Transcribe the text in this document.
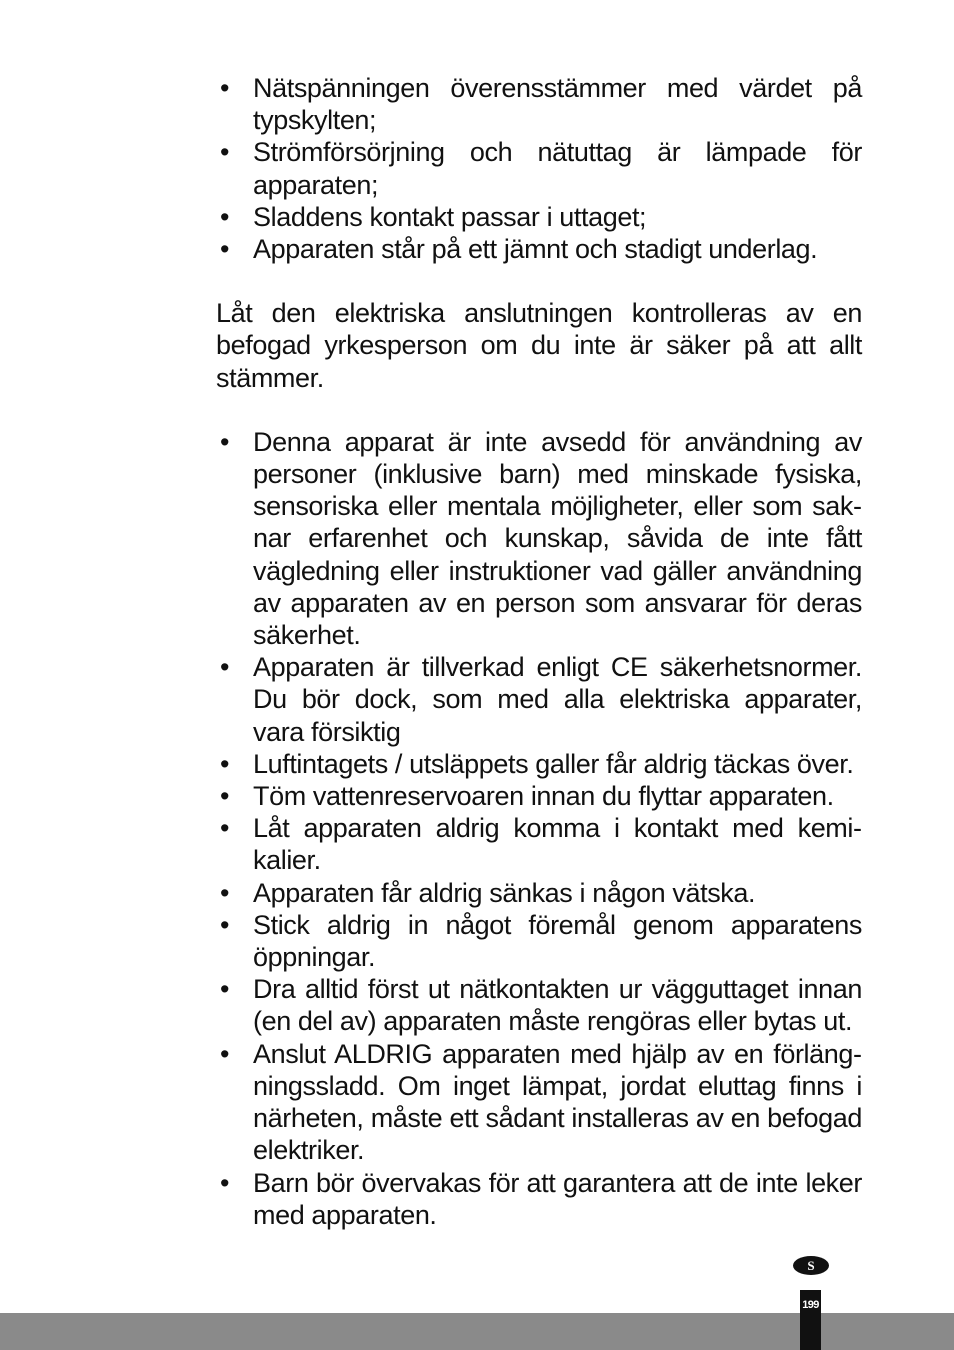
• Nätspänningen överensstämmer med värdet på typskylten;
• Strömförsörjning och nätuttag är lämpade för apparaten;
• Sladdens kontakt passar i uttaget;
• Apparaten står på ett jämnt och stadigt underlag.

Låt den elektriska anslutningen kontrolleras av en befogad yrkesperson om du inte är säker på att allt stämmer.

• Denna apparat är inte avsedd för användning av personer (inklusive barn) med minskade fysiska, sensoriska eller mentala möjligheter, eller som saknar erfarenhet och kunskap, såvida de inte fått vägledning eller instruktioner vad gäller användning av apparaten av en person som ansvarar för deras säkerhet.
• Apparaten är tillverkad enligt CE säkerhetsnormer. Du bör dock, som med alla elektriska apparater, vara försiktig
• Luftintagets / utsläppets galler får aldrig täckas över.
• Töm vattenreservoaren innan du flyttar apparaten.
• Låt apparaten aldrig komma i kontakt med kemikalier.
• Apparaten får aldrig sänkas i någon vätska.
• Stick aldrig in något föremål genom apparatens öppningar.
• Dra alltid först ut nätkontakten ur vägguttaget innan (en del av) apparaten måste rengöras eller bytas ut.
• Anslut ALDRIG apparaten med hjälp av en förlängningssladd. Om inget lämpat, jordat eluttag finns i närheten, måste ett sådant installeras av en befogad elektriker.
• Barn bör övervakas för att garantera att de inte leker med apparaten.
S
199
